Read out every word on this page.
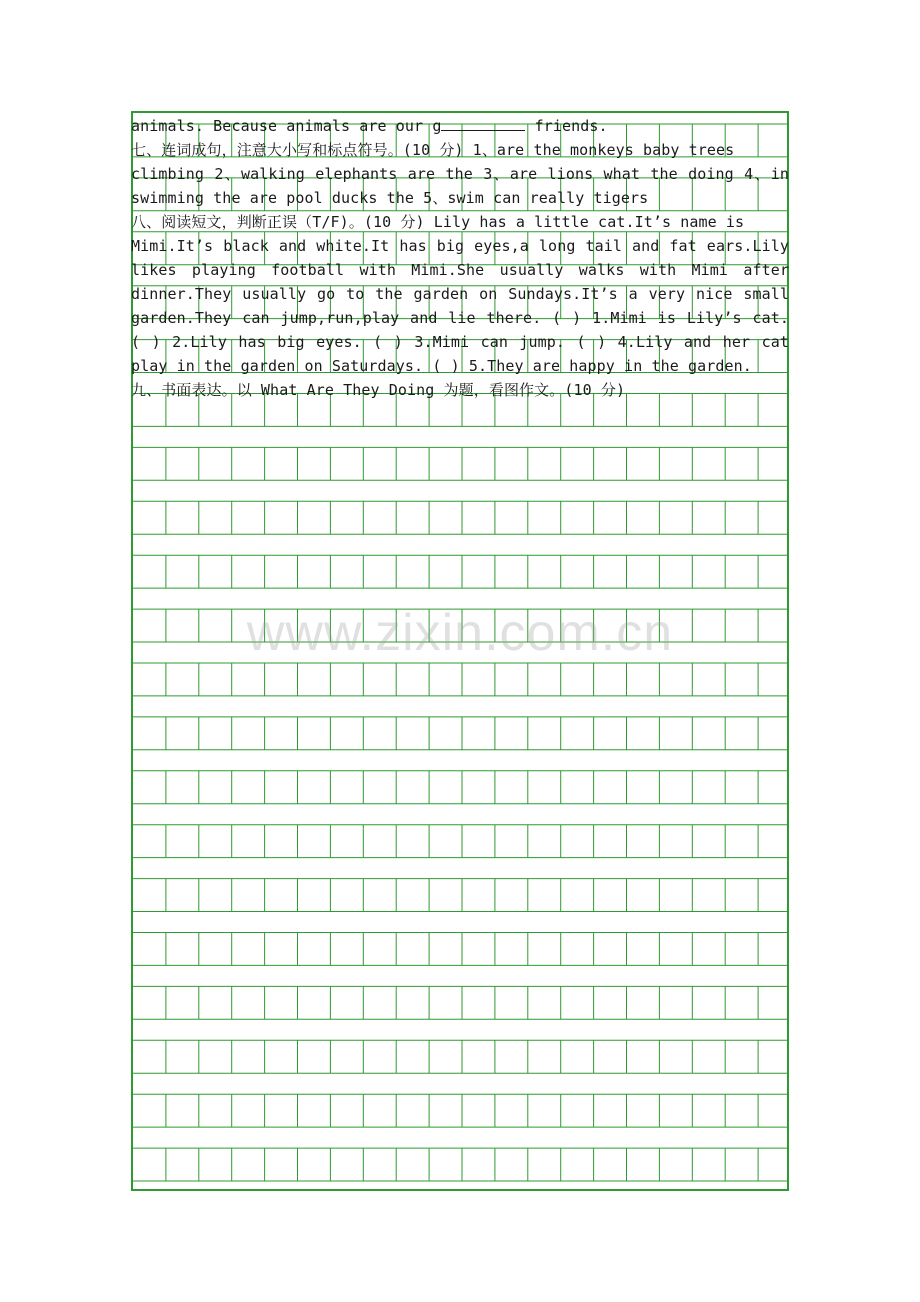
animals. Because animals are our g	friends.
七、连词成句，注意大小写和标点符号。(10 分) 1、are the monkeys baby trees
climbing 2、walking elephants are the 3、are lions what the doing 4、in
swimming the are pool ducks the 5、swim can really tigers
八、阅读短文，判断正误（T/F)。(10 分) Lily has a little cat.It’s name is
Mimi.It’s black and white.It has big eyes,a long tail and fat ears.Lily
likes playing football with Mimi.She usually walks with Mimi after
dinner.They usually go to the garden on Sundays.It’s a very nice small
garden.They can jump,run,play and lie there. ( ) 1.Mimi is Lily’s cat.
( ) 2.Lily has big eyes. ( ) 3.Mimi can jump. ( ) 4.Lily and her cat
play in the garden on Saturdays. ( ) 5.They are happy in the garden.
九、书面表达。以 What Are They Doing 为题，看图作文。(10 分)
www.zixin.com.cn
